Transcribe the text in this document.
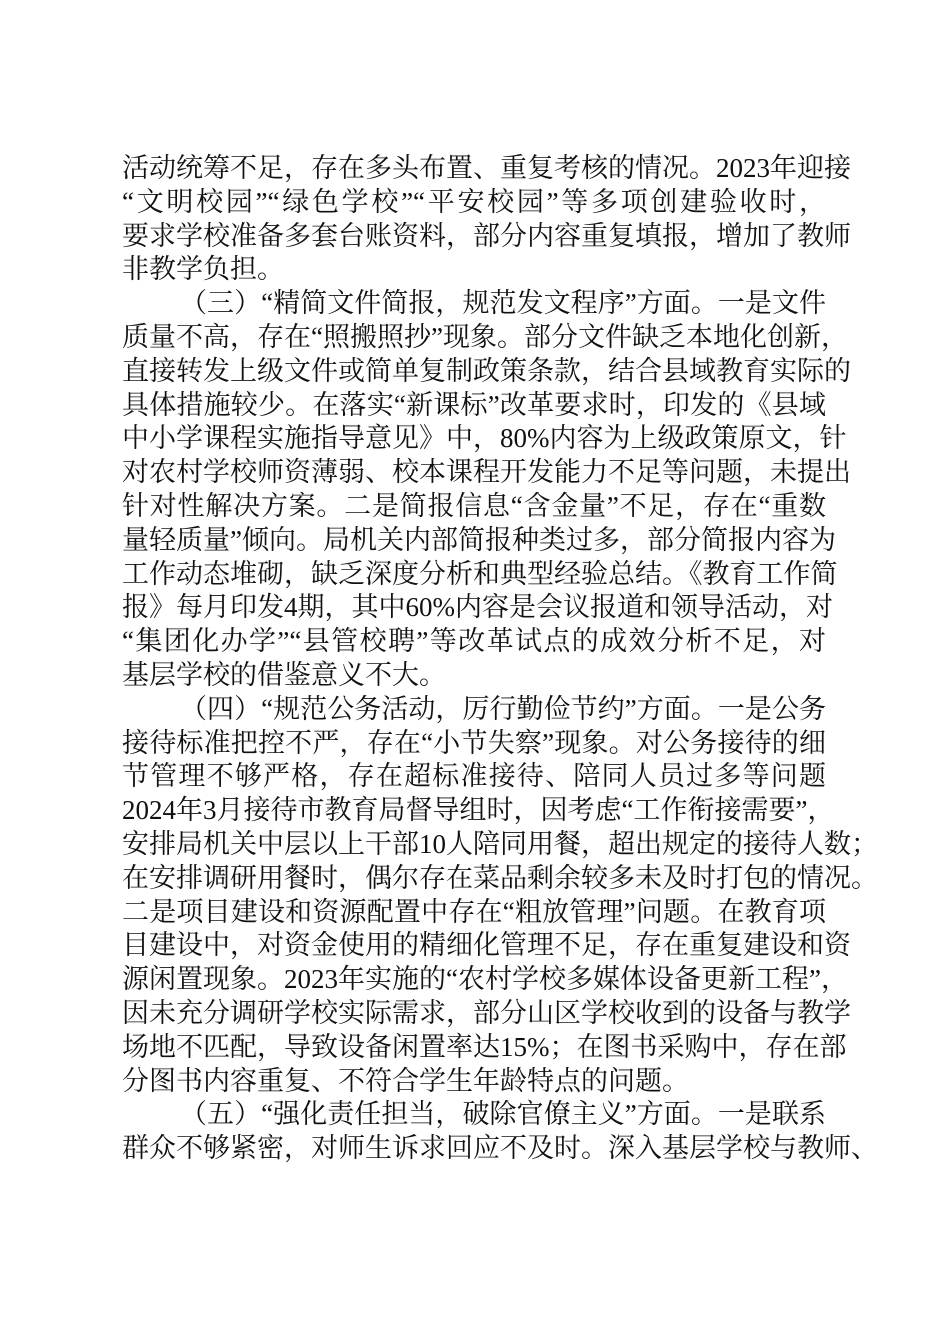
活动统筹不足，存在多头布置、重复考核的情况。2023年迎接
“文明校园”“绿色学校”“平安校园”等多项创建验收时，
要求学校准备多套台账资料，部分内容重复填报，增加了教师
非教学负担。
（三）“精简文件简报，规范发文程序”方面。一是文件
质量不高，存在“照搬照抄”现象。部分文件缺乏本地化创新，
直接转发上级文件或简单复制政策条款，结合县域教育实际的
具体措施较少。在落实“新课标”改革要求时，印发的《县域
中小学课程实施指导意见》中，80%内容为上级政策原文，针
对农村学校师资薄弱、校本课程开发能力不足等问题，未提出
针对性解决方案。二是简报信息“含金量”不足，存在“重数
量轻质量”倾向。局机关内部简报种类过多，部分简报内容为
工作动态堆砌，缺乏深度分析和典型经验总结。《教育工作简
报》每月印发4期，其中60%内容是会议报道和领导活动，对
“集团化办学”“县管校聘”等改革试点的成效分析不足，对
基层学校的借鉴意义不大。
（四）“规范公务活动，厉行勤俭节约”方面。一是公务
接待标准把控不严，存在“小节失察”现象。对公务接待的细
节管理不够严格，存在超标准接待、陪同人员过多等问题
2024年3月接待市教育局督导组时，因考虑“工作衔接需要”，
安排局机关中层以上干部10人陪同用餐，超出规定的接待人数；
在安排调研用餐时，偶尔存在菜品剩余较多未及时打包的情况。
二是项目建设和资源配置中存在“粗放管理”问题。在教育项
目建设中，对资金使用的精细化管理不足，存在重复建设和资
源闲置现象。2023年实施的“农村学校多媒体设备更新工程”，
因未充分调研学校实际需求，部分山区学校收到的设备与教学
场地不匹配，导致设备闲置率达15%；在图书采购中，存在部
分图书内容重复、不符合学生年龄特点的问题。
（五）“强化责任担当，破除官僚主义”方面。一是联系
群众不够紧密，对师生诉求回应不及时。深入基层学校与教师、
